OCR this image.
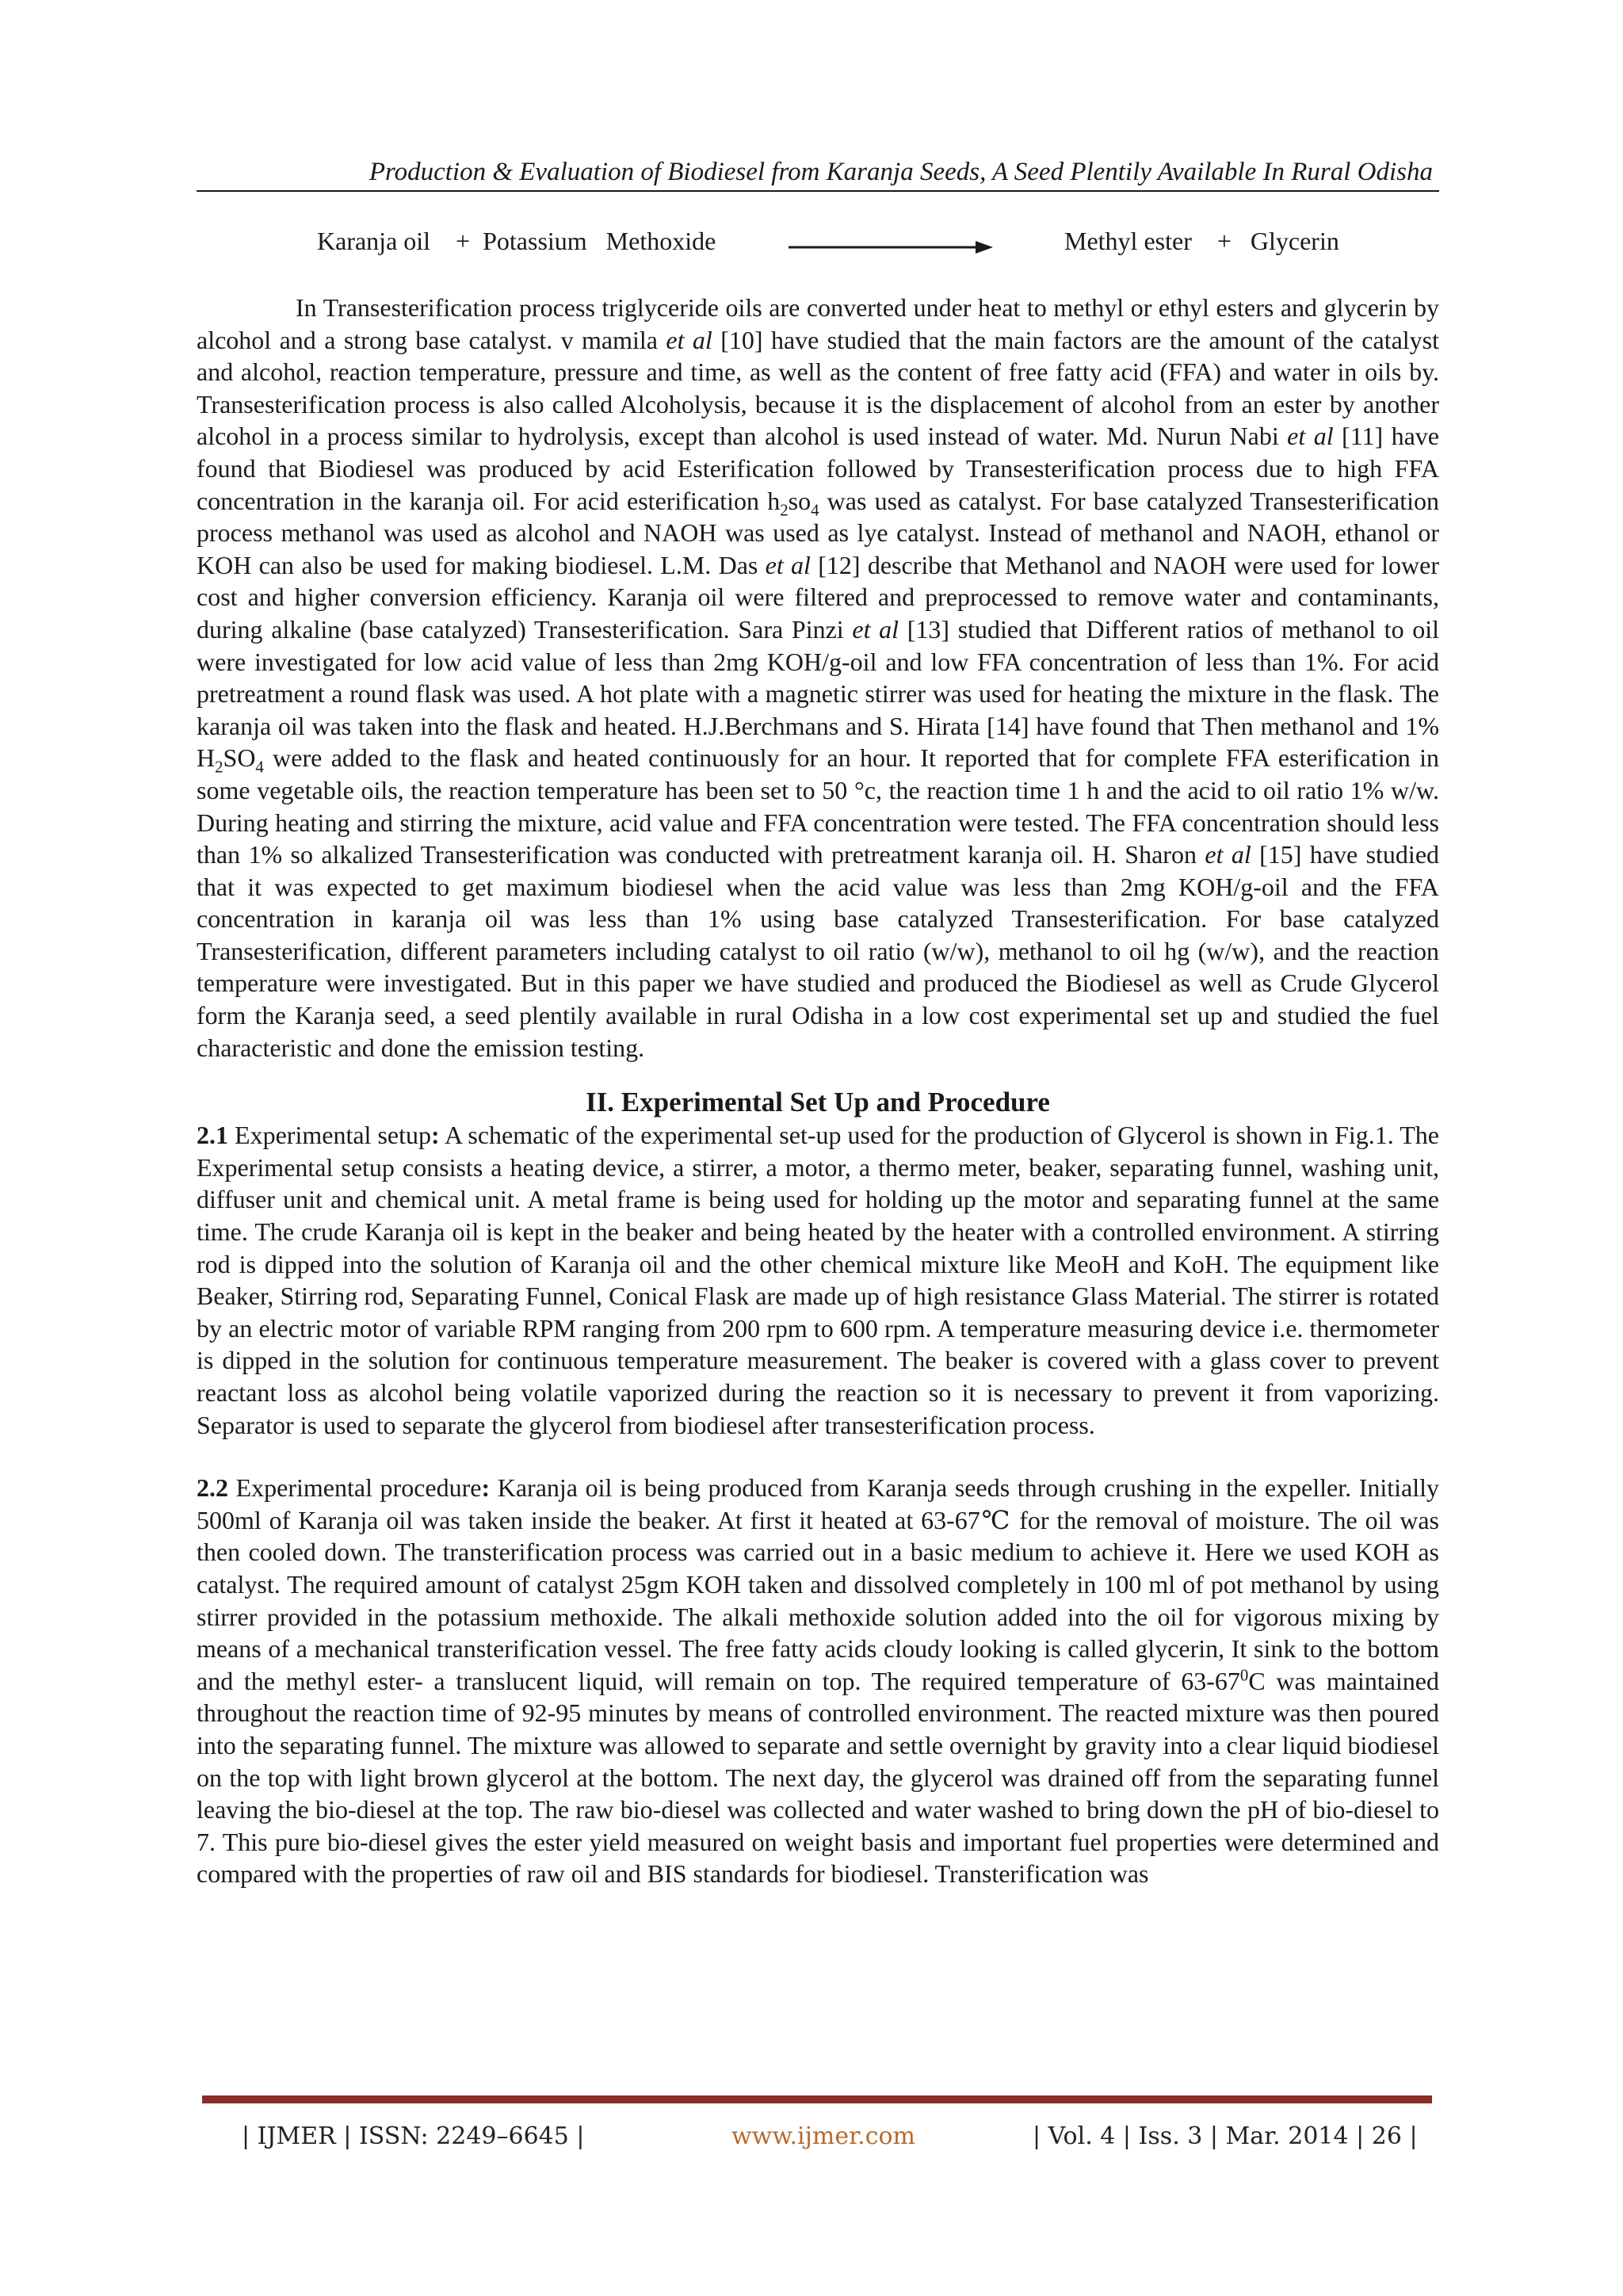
Production & Evaluation of Biodiesel from Karanja Seeds, A Seed Plentily Available In Rural Odisha
Karanja oil    +  Potassium   Methoxide	Methyl ester    +   Glycerin

In Transesterification process triglyceride oils are converted under heat to methyl or ethyl esters and glycerin by alcohol and a strong base catalyst. v mamila et al [10] have studied that the main factors are the amount of the catalyst and alcohol, reaction temperature, pressure and time, as well as the content of free fatty acid (FFA) and water in oils by. Transesterification process is also called Alcoholysis, because it is the displacement of alcohol from an ester by another alcohol in a process similar to hydrolysis, except than alcohol is used instead of water. Md. Nurun Nabi et al [11] have found that Biodiesel was produced by acid Esterification followed by Transesterification process due to high FFA concentration in the karanja oil. For acid esterification $h_2so_4$ was used as catalyst. For base catalyzed Transesterification process methanol was used as alcohol and NAOH was used as lye catalyst. Instead of methanol and NAOH, ethanol or KOH can also be used for making biodiesel. L.M. Das et al [12] describe that Methanol and NAOH were used for lower cost and higher conversion efficiency. Karanja oil were filtered and preprocessed to remove water and contaminants, during alkaline (base catalyzed) Transesterification. Sara Pinzi et al [13] studied that Different ratios of methanol to oil were investigated for low acid value of less than 2mg KOH/g-oil and low FFA concentration of less than 1%. For acid pretreatment a round flask was used. A hot plate with a magnetic stirrer was used for heating the mixture in the flask. The karanja oil was taken into the flask and heated. H.J.Berchmans and S. Hirata [14] have found that Then methanol and 1% $H_2SO_4$ were added to the flask and heated continuously for an hour. It reported that for complete FFA esterification in some vegetable oils, the reaction temperature has been set to 50 °c, the reaction time 1 h and the acid to oil ratio 1% w/w. During heating and stirring the mixture, acid value and FFA concentration were tested. The FFA concentration should less than 1% so alkalized Transesterification was conducted with pretreatment karanja oil. H. Sharon et al [15] have studied that it was expected to get maximum biodiesel when the acid value was less than 2mg KOH/g-oil and the FFA concentration in karanja oil was less than 1% using base catalyzed Transesterification. For base catalyzed Transesterification, different parameters including catalyst to oil ratio (w/w), methanol to oil hg (w/w), and the reaction temperature were investigated. But in this paper we have studied and produced the Biodiesel as well as Crude Glycerol form the Karanja seed, a seed plentily available in rural Odisha in a low cost experimental set up and studied the fuel characteristic and done the emission testing.

II. Experimental Set Up and Procedure

2.1 Experimental setup: A schematic of the experimental set-up used for the production of Glycerol is shown in Fig.1. The Experimental setup consists a heating device, a stirrer, a motor, a thermo meter, beaker, separating funnel, washing unit, diffuser unit and chemical unit. A metal frame is being used for holding up the motor and separating funnel at the same time. The crude Karanja oil is kept in the beaker and being heated by the heater with a controlled environment. A stirring rod is dipped into the solution of Karanja oil and the other chemical mixture like MeoH and KoH. The equipment like Beaker, Stirring rod, Separating Funnel, Conical Flask are made up of high resistance Glass Material. The stirrer is rotated by an electric motor of variable RPM ranging from 200 rpm to 600 rpm. A temperature measuring device i.e. thermometer is dipped in the solution for continuous temperature measurement. The beaker is covered with a glass cover to prevent reactant loss as alcohol being volatile vaporized during the reaction so it is necessary to prevent it from vaporizing. Separator is used to separate the glycerol from biodiesel after transesterification process.

2.2 Experimental procedure: Karanja oil is being produced from Karanja seeds through crushing in the expeller. Initially 500ml of Karanja oil was taken inside the beaker. At first it heated at 63-67℃ for the removal of moisture. The oil was then cooled down. The transterification process was carried out in a basic medium to achieve it. Here we used KOH as catalyst. The required amount of catalyst 25gm KOH taken and dissolved completely in 100 ml of pot methanol by using stirrer provided in the potassium methoxide. The alkali methoxide solution added into the oil for vigorous mixing by means of a mechanical transterification vessel. The free fatty acids cloudy looking is called glycerin, It sink to the bottom and the methyl ester- a translucent liquid, will remain on top. The required temperature of $63-67^0C$ was maintained throughout the reaction time of 92-95 minutes by means of controlled environment. The reacted mixture was then poured into the separating funnel. The mixture was allowed to separate and settle overnight by gravity into a clear liquid biodiesel on the top with light brown glycerol at the bottom. The next day, the glycerol was drained off from the separating funnel leaving the bio-diesel at the top. The raw bio-diesel was collected and water washed to bring down the pH of bio-diesel to 7. This pure bio-diesel gives the ester yield measured on weight basis and important fuel properties were determined and compared with the properties of raw oil and BIS standards for biodiesel. Transterification was

| IJMER | ISSN: 2249–6645 |	www.ijmer.com	| Vol. 4 | Iss. 3 | Mar. 2014 | 26 |
